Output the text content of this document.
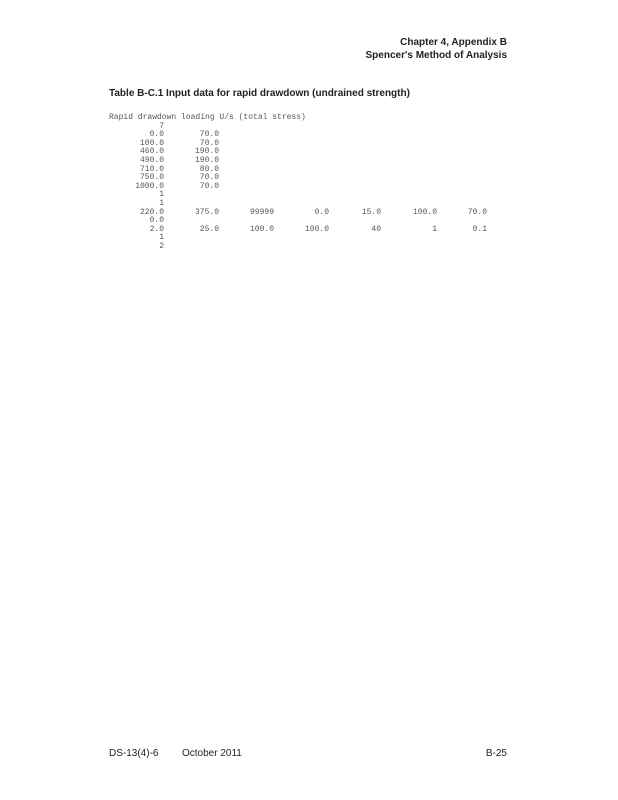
Chapter 4, Appendix B
Spencer's Method of Analysis
Table B-C.1 Input data for rapid drawdown (undrained strength)
Rapid drawdown loading U/s (total stress)
7
0.0	70.0
100.0	70.0
460.0	190.0
490.0	190.0
710.0	80.0
750.0	70.0
1000.0	70.0
1
1
220.0	375.0	99999	0.0	15.0	100.0	70.0
0.0
2.0	25.0	100.0	100.0	40	1	0.1
1
2
DS-13(4)-6 October 2011	B-25
